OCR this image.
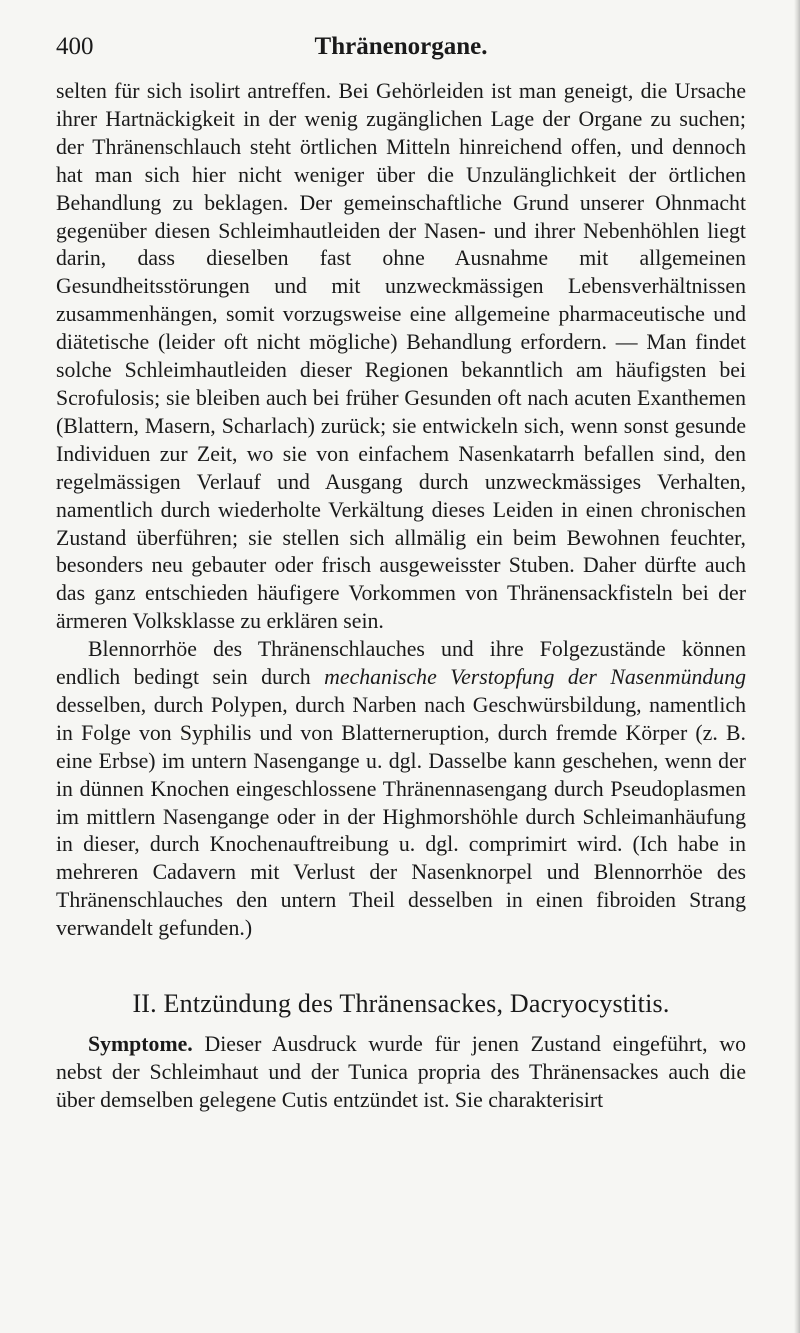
400	Thränenorgane.

selten für sich isolirt antreffen. Bei Gehörleiden ist man geneigt, die Ursache ihrer Hartnäckigkeit in der wenig zugänglichen Lage der Organe zu suchen; der Thränenschlauch steht örtlichen Mitteln hinreichend offen, und dennoch hat man sich hier nicht weniger über die Unzulänglichkeit der örtlichen Behandlung zu beklagen. Der gemeinschaftliche Grund unserer Ohnmacht gegenüber diesen Schleimhautleiden der Nasen- und ihrer Nebenhöhlen liegt darin, dass dieselben fast ohne Ausnahme mit allgemeinen Gesundheitsstörungen und mit unzweckmässigen Lebensverhältnissen zusammenhängen, somit vorzugsweise eine allgemeine pharmaceutische und diätetische (leider oft nicht mögliche) Behandlung erfordern. — Man findet solche Schleimhautleiden dieser Regionen bekanntlich am häufigsten bei Scrofulosis; sie bleiben auch bei früher Gesunden oft nach acuten Exanthemen (Blattern, Masern, Scharlach) zurück; sie entwickeln sich, wenn sonst gesunde Individuen zur Zeit, wo sie von einfachem Nasenkatarrh befallen sind, den regelmässigen Verlauf und Ausgang durch unzweckmässiges Verhalten, namentlich durch wiederholte Verkältung dieses Leiden in einen chronischen Zustand überführen; sie stellen sich allmälig ein beim Bewohnen feuchter, besonders neu gebauter oder frisch ausgeweisster Stuben. Daher dürfte auch das ganz entschieden häufigere Vorkommen von Thränensackfisteln bei der ärmeren Volksklasse zu erklären sein.

Blennorrhöe des Thränenschlauches und ihre Folgezustände können endlich bedingt sein durch mechanische Verstopfung der Nasenmündung desselben, durch Polypen, durch Narben nach Geschwürsbildung, namentlich in Folge von Syphilis und von Blatterneruption, durch fremde Körper (z. B. eine Erbse) im untern Nasengange u. dgl. Dasselbe kann geschehen, wenn der in dünnen Knochen eingeschlossene Thränennasengang durch Pseudoplasmen im mittlern Nasengange oder in der Highmorshöhle durch Schleimanhäufung in dieser, durch Knochenauftreibung u. dgl. comprimirt wird. (Ich habe in mehreren Cadavern mit Verlust der Nasenknorpel und Blennorrhöe des Thränenschlauches den untern Theil desselben in einen fibroiden Strang verwandelt gefunden.)

II. Entzündung des Thränensackes, Dacryocystitis.

Symptome. Dieser Ausdruck wurde für jenen Zustand eingeführt, wo nebst der Schleimhaut und der Tunica propria des Thränensackes auch die über demselben gelegene Cutis entzündet ist. Sie charakterisirt
